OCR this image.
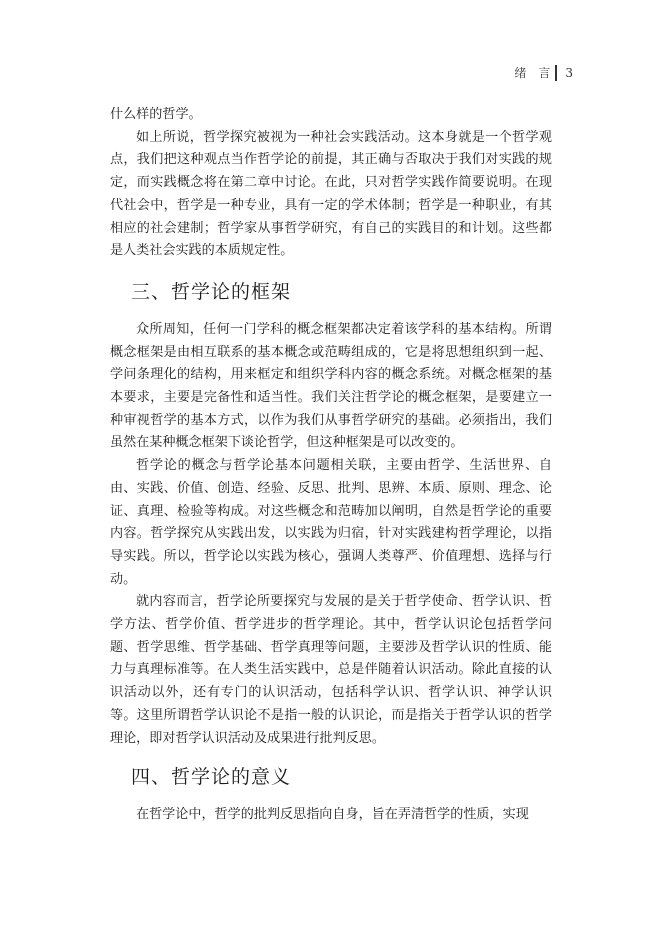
绪　言 3

什么样的哲学。

如上所说，哲学探究被视为一种社会实践活动。这本身就是一个哲学观点，我们把这种观点当作哲学论的前提，其正确与否取决于我们对实践的规定，而实践概念将在第二章中讨论。在此，只对哲学实践作简要说明。在现代社会中，哲学是一种专业，具有一定的学术体制；哲学是一种职业，有其相应的社会建制；哲学家从事哲学研究，有自己的实践目的和计划。这些都是人类社会实践的本质规定性。

三、哲学论的框架

众所周知，任何一门学科的概念框架都决定着该学科的基本结构。所谓概念框架是由相互联系的基本概念或范畴组成的，它是将思想组织到一起、学问条理化的结构，用来框定和组织学科内容的概念系统。对概念框架的基本要求，主要是完备性和适当性。我们关注哲学论的概念框架，是要建立一种审视哲学的基本方式，以作为我们从事哲学研究的基础。必须指出，我们虽然在某种概念框架下谈论哲学，但这种框架是可以改变的。

哲学论的概念与哲学论基本问题相关联，主要由哲学、生活世界、自由、实践、价值、创造、经验、反思、批判、思辨、本质、原则、理念、论证、真理、检验等构成。对这些概念和范畴加以阐明，自然是哲学论的重要内容。哲学探究从实践出发，以实践为归宿，针对实践建构哲学理论，以指导实践。所以，哲学论以实践为核心，强调人类尊严、价值理想、选择与行动。

就内容而言，哲学论所要探究与发展的是关于哲学使命、哲学认识、哲学方法、哲学价值、哲学进步的哲学理论。其中，哲学认识论包括哲学问题、哲学思维、哲学基础、哲学真理等问题，主要涉及哲学认识的性质、能力与真理标准等。在人类生活实践中，总是伴随着认识活动。除此直接的认识活动以外，还有专门的认识活动，包括科学认识、哲学认识、神学认识等。这里所谓哲学认识论不是指一般的认识论，而是指关于哲学认识的哲学理论，即对哲学认识活动及成果进行批判反思。

四、哲学论的意义

在哲学论中，哲学的批判反思指向自身，旨在弄清哲学的性质，实现
